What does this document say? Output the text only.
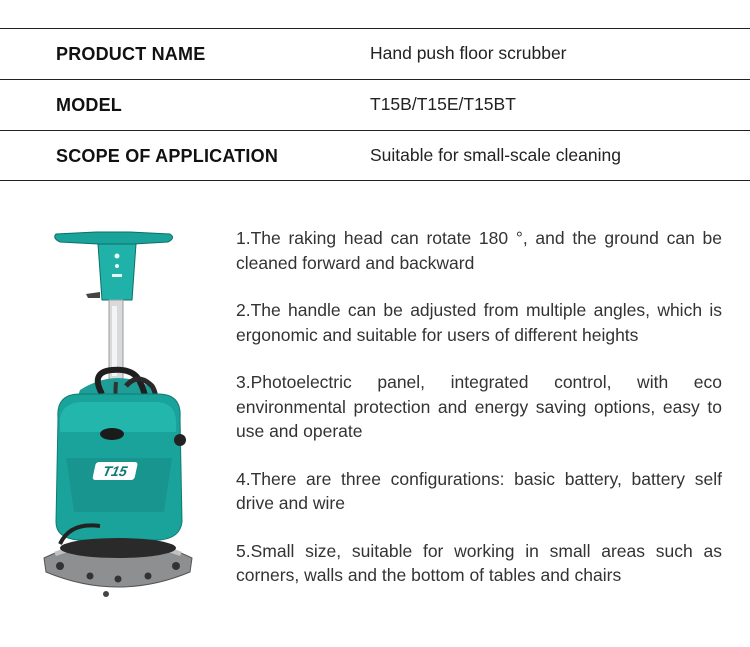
PRODUCT NAME	Hand push floor scrubber
MODEL	T15B/T15E/T15BT
SCOPE OF APPLICATION	Suitable for small-scale cleaning
T15

1.The raking head can rotate 180 °, and the ground can be cleaned forward and backward

2.The handle can be adjusted from multiple angles, which is ergonomic and suitable for users of different heights

3.Photoelectric panel, integrated control, with eco environmental protection and energy saving options, easy to use and operate

4.There are three configurations: basic battery, battery self drive and wire

5.Small size, suitable for working in small areas such as corners, walls and the bottom of tables and chairs
